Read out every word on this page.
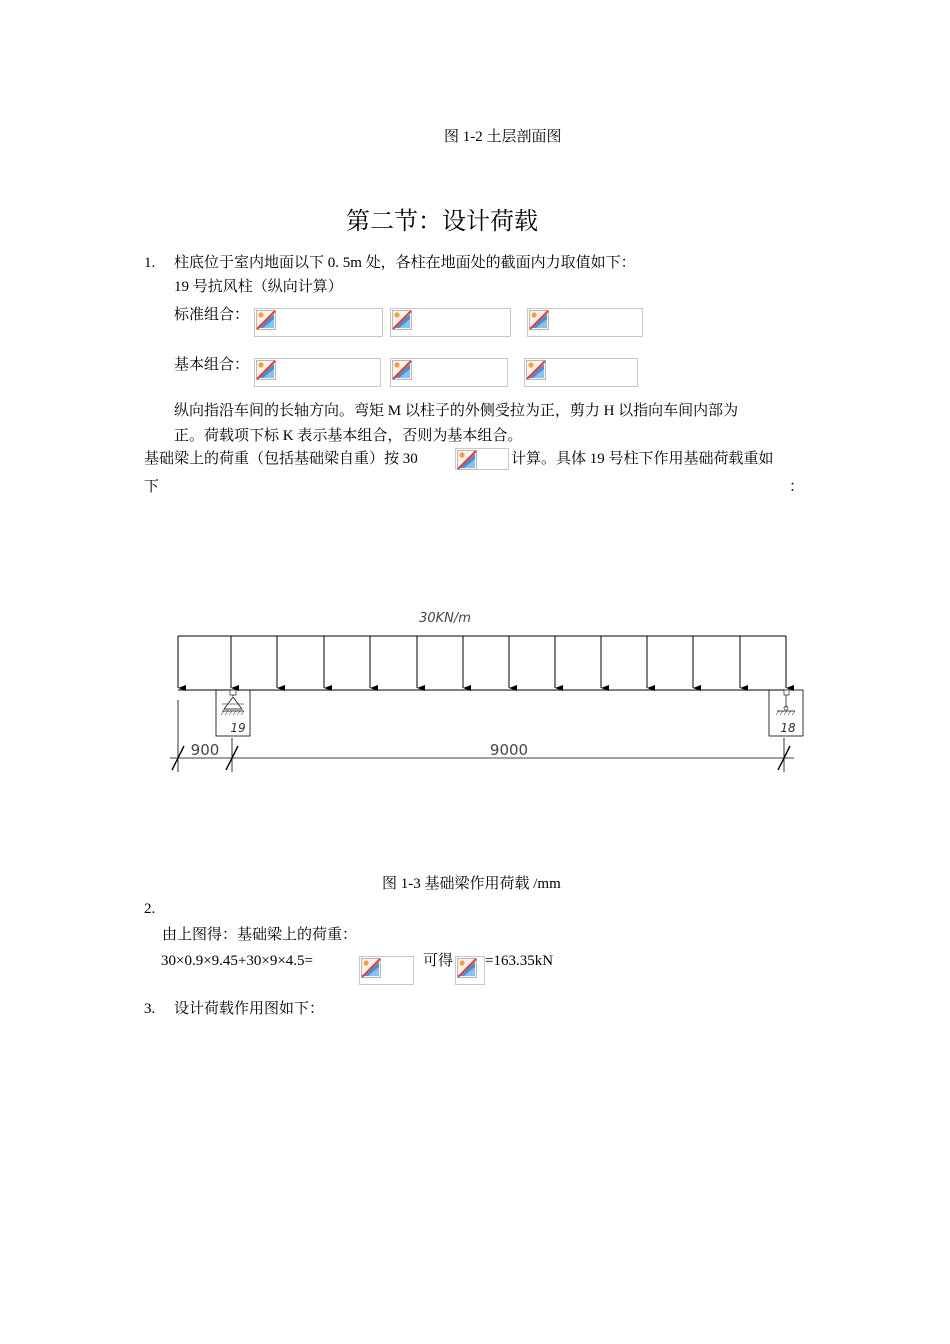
图 1-2 土层剖面图
第二节：设计荷载
1. 柱底位于室内地面以下 0. 5m 处，各柱在地面处的截面内力取值如下：
19 号抗风柱（纵向计算）
标准组合：
基本组合：
纵向指沿车间的长轴方向。弯矩 M 以柱子的外侧受拉为正，剪力 H 以指向车间内部为
正。荷载项下标 K 表示基本组合，否则为基本组合。
基础梁上的荷重（包括基础梁自重）按 30	计算。具体 19 号柱下作用基础荷载重如
下	：
30KN/m
19	18
900	9000
图 1-3 基础梁作用荷载 /mm
2.
由上图得：基础梁上的荷重：
30×0.9×9.45+30×9×4.5=	可得 =163.35kN
3. 设计荷载作用图如下：
